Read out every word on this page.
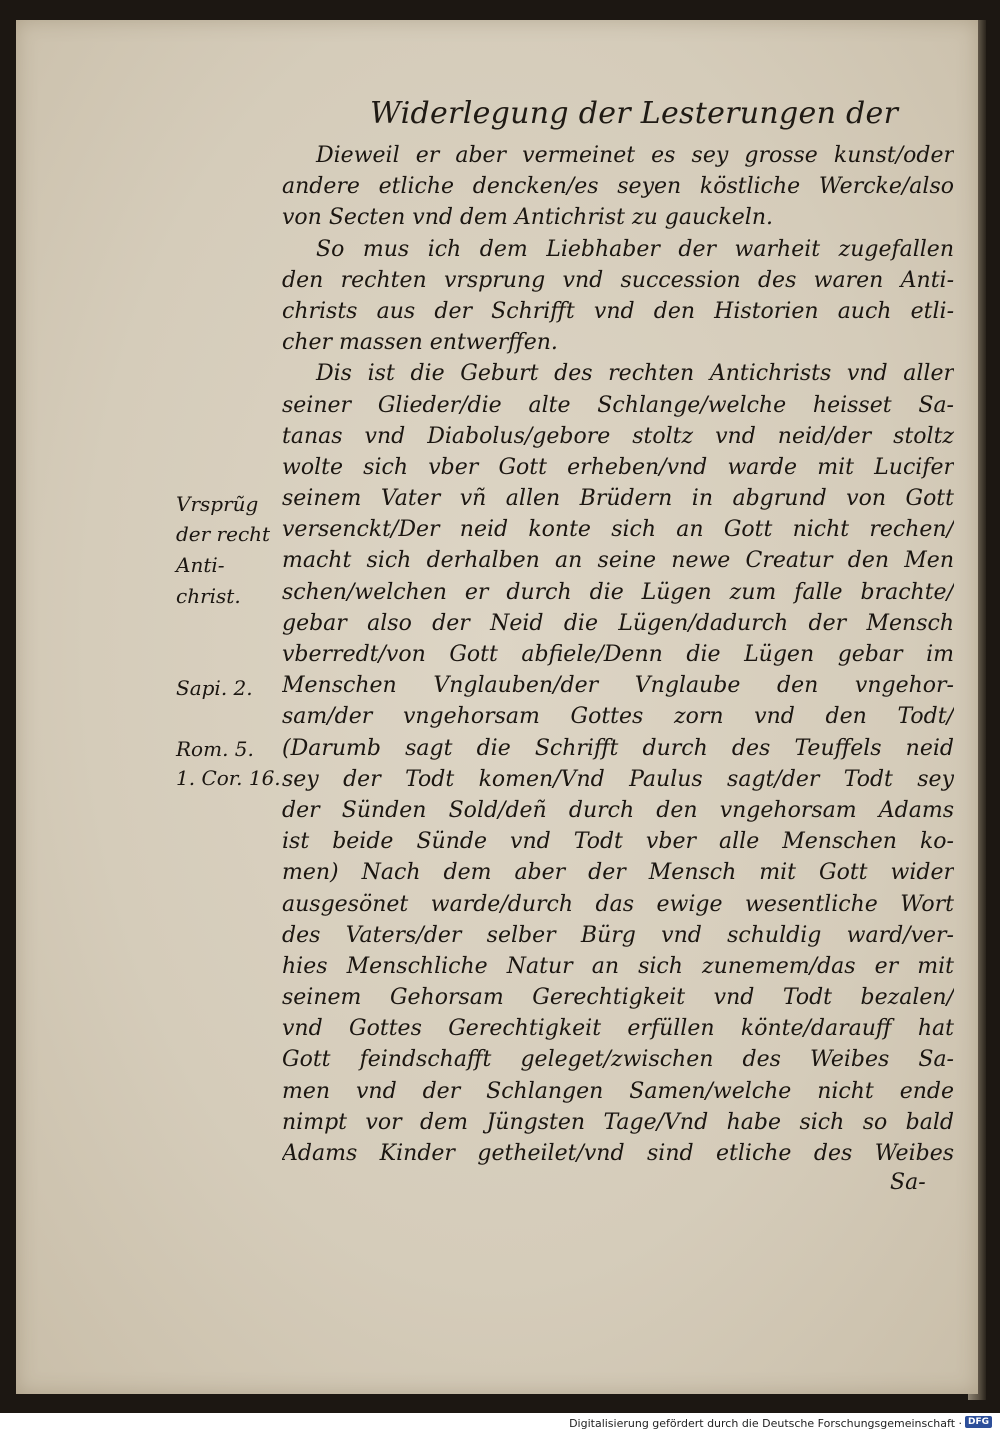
Widerlegung der Lesterungen der
Dieweil er aber vermeinet es sey grosse kunst/oder
andere etliche dencken/es seyen köstliche Wercke/also
von Secten vnd dem Antichrist zu gauckeln.
So mus ich dem Liebhaber der warheit zugefallen
den rechten vrsprung vnd succession des waren Anti-
christs aus der Schrifft vnd den Historien auch etli-
cher massen entwerffen.
Dis ist die Geburt des rechten Antichrists vnd aller
seiner Glieder/die alte Schlange/welche heisset Sa-
tanas vnd Diabolus/gebore stoltz vnd neid/der stoltz
wolte sich vber Gott erheben/vnd warde mit Lucifer
seinem Vater vñ allen Brüdern in abgrund von Gott
versenckt/Der neid konte sich an Gott nicht rechen/
macht sich derhalben an seine newe Creatur den Men
schen/welchen er durch die Lügen zum falle brachte/
gebar also der Neid die Lügen/dadurch der Mensch
vberredt/von Gott abfiele/Denn die Lügen gebar im
Menschen Vnglauben/der Vnglaube den vngehor-
sam/der vngehorsam Gottes zorn vnd den Todt/
(Darumb sagt die Schrifft durch des Teuffels neid
sey der Todt komen/Vnd Paulus sagt/der Todt sey
der Sünden Sold/deñ durch den vngehorsam Adams
ist beide Sünde vnd Todt vber alle Menschen ko-
men) Nach dem aber der Mensch mit Gott wider
ausgesönet warde/durch das ewige wesentliche Wort
des Vaters/der selber Bürg vnd schuldig ward/ver-
hies Menschliche Natur an sich zunemem/das er mit
seinem Gehorsam Gerechtigkeit vnd Todt bezalen/
vnd Gottes Gerechtigkeit erfüllen könte/darauff hat
Gott feindschafft geleget/zwischen des Weibes Sa-
men vnd der Schlangen Samen/welche nicht ende
nimpt vor dem Jüngsten Tage/Vnd habe sich so bald
Adams Kinder getheilet/vnd sind etliche des Weibes
Vrsprũg
der recht
Anti-
christ.
Sapi. 2.
Rom. 5.
1. Cor. 16.
Sa-
Digitalisierung gefördert durch die Deutsche Forschungsgemeinschaft · DFG
